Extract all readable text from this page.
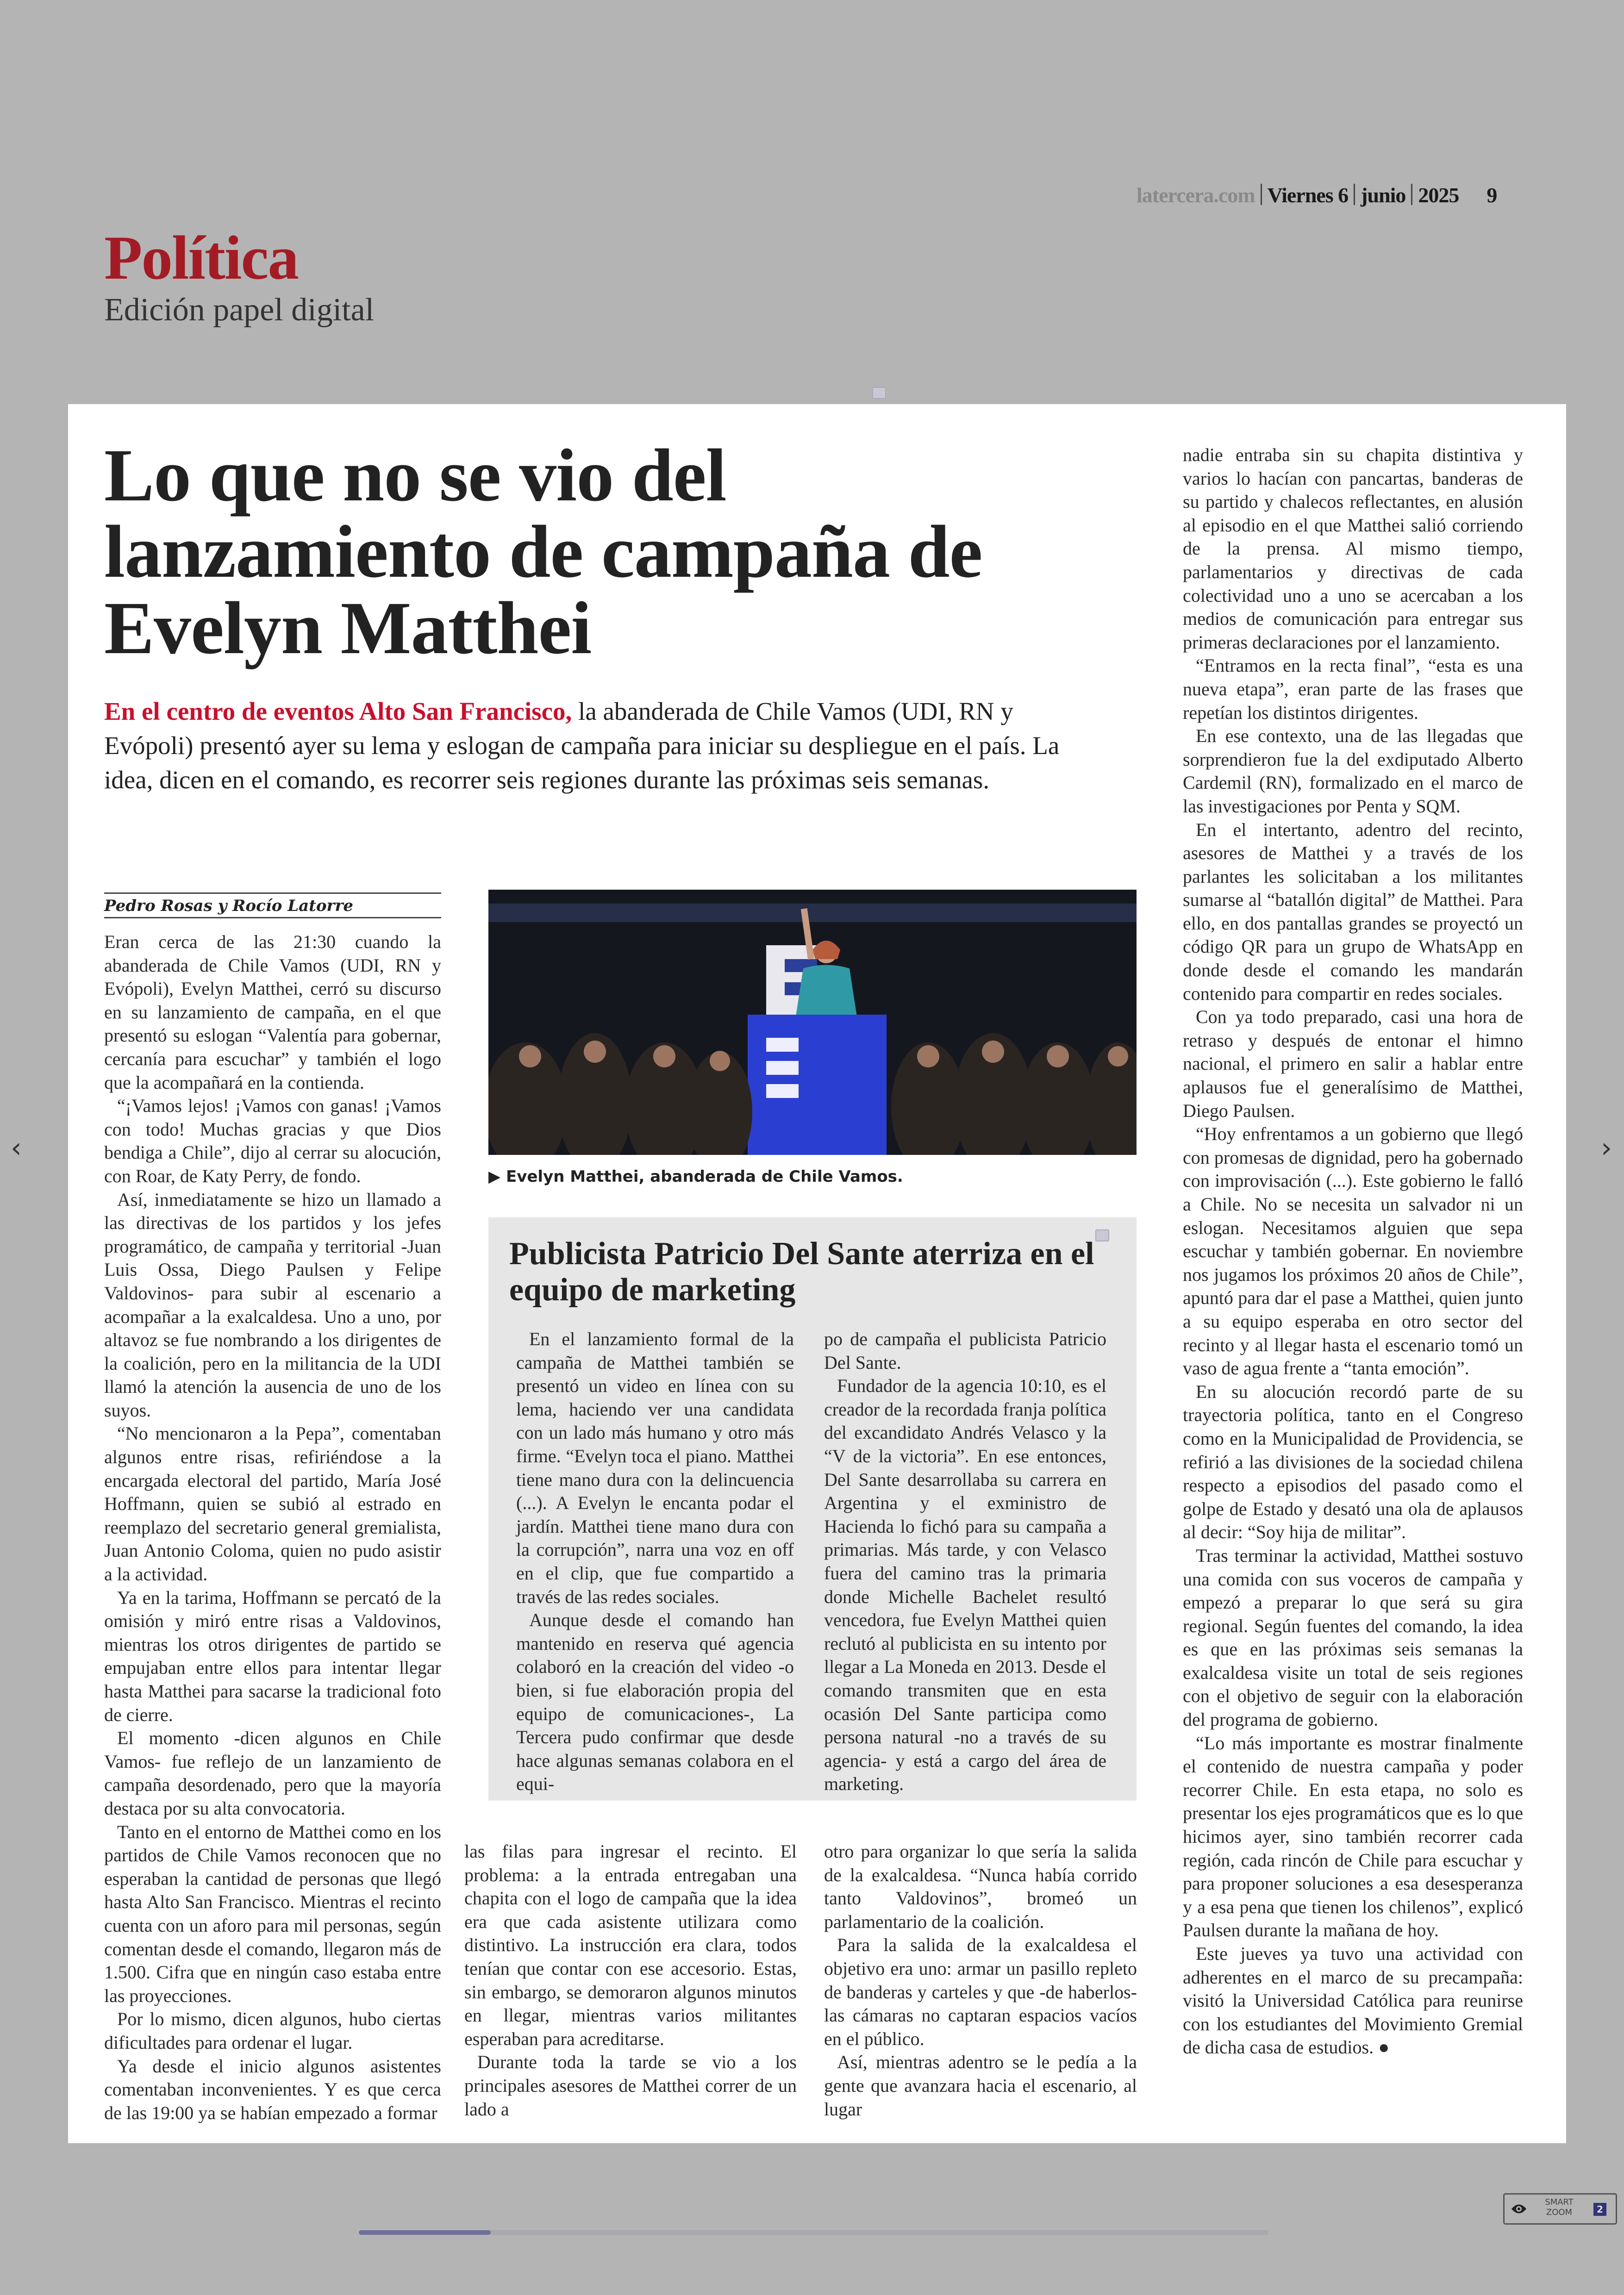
latercera.com Viernes 6 junio 2025 9
Política
Edición papel digital
Lo que no se vio del lanzamiento de campaña de Evelyn Matthei

En el centro de eventos Alto San Francisco, la abanderada de Chile Vamos (UDI, RN y Evópoli) presentó ayer su lema y eslogan de campaña para iniciar su despliegue en el país. La idea, dicen en el comando, es recorrer seis regiones durante las próximas seis semanas.

Pedro Rosas y Rocío Latorre

Eran cerca de las 21:30 cuando la abanderada de Chile Vamos (UDI, RN y Evópoli), Evelyn Matthei, cerró su discurso en su lanzamiento de campaña, en el que presentó su eslogan “Valentía para gobernar, cercanía para escuchar” y también el logo que la acompañará en la contienda.

“¡Vamos lejos! ¡Vamos con ganas! ¡Vamos con todo! Muchas gracias y que Dios bendiga a Chile”, dijo al cerrar su alocución, con Roar, de Katy Perry, de fondo.

Así, inmediatamente se hizo un llamado a las directivas de los partidos y los jefes programático, de campaña y territorial -Juan Luis Ossa, Diego Paulsen y Felipe Valdovinos- para subir al escenario a acompañar a la exalcaldesa. Uno a uno, por altavoz se fue nombrando a los dirigentes de la coalición, pero en la militancia de la UDI llamó la atención la ausencia de uno de los suyos.

“No mencionaron a la Pepa”, comentaban algunos entre risas, refiriéndose a la encargada electoral del partido, María José Hoffmann, quien se subió al estrado en reemplazo del secretario general gremialista, Juan Antonio Coloma, quien no pudo asistir a la actividad.

Ya en la tarima, Hoffmann se percató de la omisión y miró entre risas a Valdovinos, mientras los otros dirigentes de partido se empujaban entre ellos para intentar llegar hasta Matthei para sacarse la tradicional foto de cierre.

El momento -dicen algunos en Chile Vamos- fue reflejo de un lanzamiento de campaña desordenado, pero que la mayoría destaca por su alta convocatoria.

Tanto en el entorno de Matthei como en los partidos de Chile Vamos reconocen que no esperaban la cantidad de personas que llegó hasta Alto San Francisco. Mientras el recinto cuenta con un aforo para mil personas, según comentan desde el comando, llegaron más de 1.500. Cifra que en ningún caso estaba entre las proyecciones.

Por lo mismo, dicen algunos, hubo ciertas dificultades para ordenar el lugar.

Ya desde el inicio algunos asistentes comentaban inconvenientes. Y es que cerca de las 19:00 ya se habían empezado a formar

▶ Evelyn Matthei, abanderada de Chile Vamos.
Publicista Patricio Del Sante aterriza en el equipo de marketing

En el lanzamiento formal de la campaña de Matthei también se presentó un video en línea con su lema, haciendo ver una candidata con un lado más humano y otro más firme. “Evelyn toca el piano. Matthei tiene mano dura con la delincuencia (...). A Evelyn le encanta podar el jardín. Matthei tiene mano dura con la corrupción”, narra una voz en off en el clip, que fue compartido a través de las redes sociales.

Aunque desde el comando han mantenido en reserva qué agencia colaboró en la creación del video -o bien, si fue elaboración propia del equipo de comunicaciones-, La Tercera pudo confirmar que desde hace algunas semanas colabora en el equi-

po de campaña el publicista Patricio Del Sante.

Fundador de la agencia 10:10, es el creador de la recordada franja política del excandidato Andrés Velasco y la “V de la victoria”. En ese entonces, Del Sante desarrollaba su carrera en Argentina y el exministro de Hacienda lo fichó para su campaña a primarias. Más tarde, y con Velasco fuera del camino tras la primaria donde Michelle Bachelet resultó vencedora, fue Evelyn Matthei quien reclutó al publicista en su intento por llegar a La Moneda en 2013. Desde el comando transmiten que en esta ocasión Del Sante participa como persona natural -no a través de su agencia- y está a cargo del área de marketing.

las filas para ingresar el recinto. El problema: a la entrada entregaban una chapita con el logo de campaña que la idea era que cada asistente utilizara como distintivo. La instrucción era clara, todos tenían que contar con ese accesorio. Estas, sin embargo, se demoraron algunos minutos en llegar, mientras varios militantes esperaban para acreditarse.

Durante toda la tarde se vio a los principales asesores de Matthei correr de un lado a

otro para organizar lo que sería la salida de la exalcaldesa. “Nunca había corrido tanto Valdovinos”, bromeó un parlamentario de la coalición.

Para la salida de la exalcaldesa el objetivo era uno: armar un pasillo repleto de banderas y carteles y que -de haberlos- las cámaras no captaran espacios vacíos en el público.

Así, mientras adentro se le pedía a la gente que avanzara hacia el escenario, al lugar

nadie entraba sin su chapita distintiva y varios lo hacían con pancartas, banderas de su partido y chalecos reflectantes, en alusión al episodio en el que Matthei salió corriendo de la prensa. Al mismo tiempo, parlamentarios y directivas de cada colectividad uno a uno se acercaban a los medios de comunicación para entregar sus primeras declaraciones por el lanzamiento.

“Entramos en la recta final”, “esta es una nueva etapa”, eran parte de las frases que repetían los distintos dirigentes.

En ese contexto, una de las llegadas que sorprendieron fue la del exdiputado Alberto Cardemil (RN), formalizado en el marco de las investigaciones por Penta y SQM.

En el intertanto, adentro del recinto, asesores de Matthei y a través de los parlantes les solicitaban a los militantes sumarse al “batallón digital” de Matthei. Para ello, en dos pantallas grandes se proyectó un código QR para un grupo de WhatsApp en donde desde el comando les mandarán contenido para compartir en redes sociales.

Con ya todo preparado, casi una hora de retraso y después de entonar el himno nacional, el primero en salir a hablar entre aplausos fue el generalísimo de Matthei, Diego Paulsen.

“Hoy enfrentamos a un gobierno que llegó con promesas de dignidad, pero ha gobernado con improvisación (...). Este gobierno le falló a Chile. No se necesita un salvador ni un eslogan. Necesitamos alguien que sepa escuchar y también gobernar. En noviembre nos jugamos los próximos 20 años de Chile”, apuntó para dar el pase a Matthei, quien junto a su equipo esperaba en otro sector del recinto y al llegar hasta el escenario tomó un vaso de agua frente a “tanta emoción”.

En su alocución recordó parte de su trayectoria política, tanto en el Congreso como en la Municipalidad de Providencia, se refirió a las divisiones de la sociedad chilena respecto a episodios del pasado como el golpe de Estado y desató una ola de aplausos al decir: “Soy hija de militar”.

Tras terminar la actividad, Matthei sostuvo una comida con sus voceros de campaña y empezó a preparar lo que será su gira regional. Según fuentes del comando, la idea es que en las próximas seis semanas la exalcaldesa visite un total de seis regiones con el objetivo de seguir con la elaboración del programa de gobierno.

“Lo más importante es mostrar finalmente el contenido de nuestra campaña y poder recorrer Chile. En esta etapa, no solo es presentar los ejes programáticos que es lo que hicimos ayer, sino también recorrer cada región, cada rincón de Chile para escuchar y para proponer soluciones a esa desesperanza y a esa pena que tienen los chilenos”, explicó Paulsen durante la mañana de hoy.

Este jueves ya tuvo una actividad con adherentes en el marco de su precampaña: visitó la Universidad Católica para reunirse con los estudiantes del Movimiento Gremial de dicha casa de estudios. ●

‹	›
SMART
ZOOM	2
